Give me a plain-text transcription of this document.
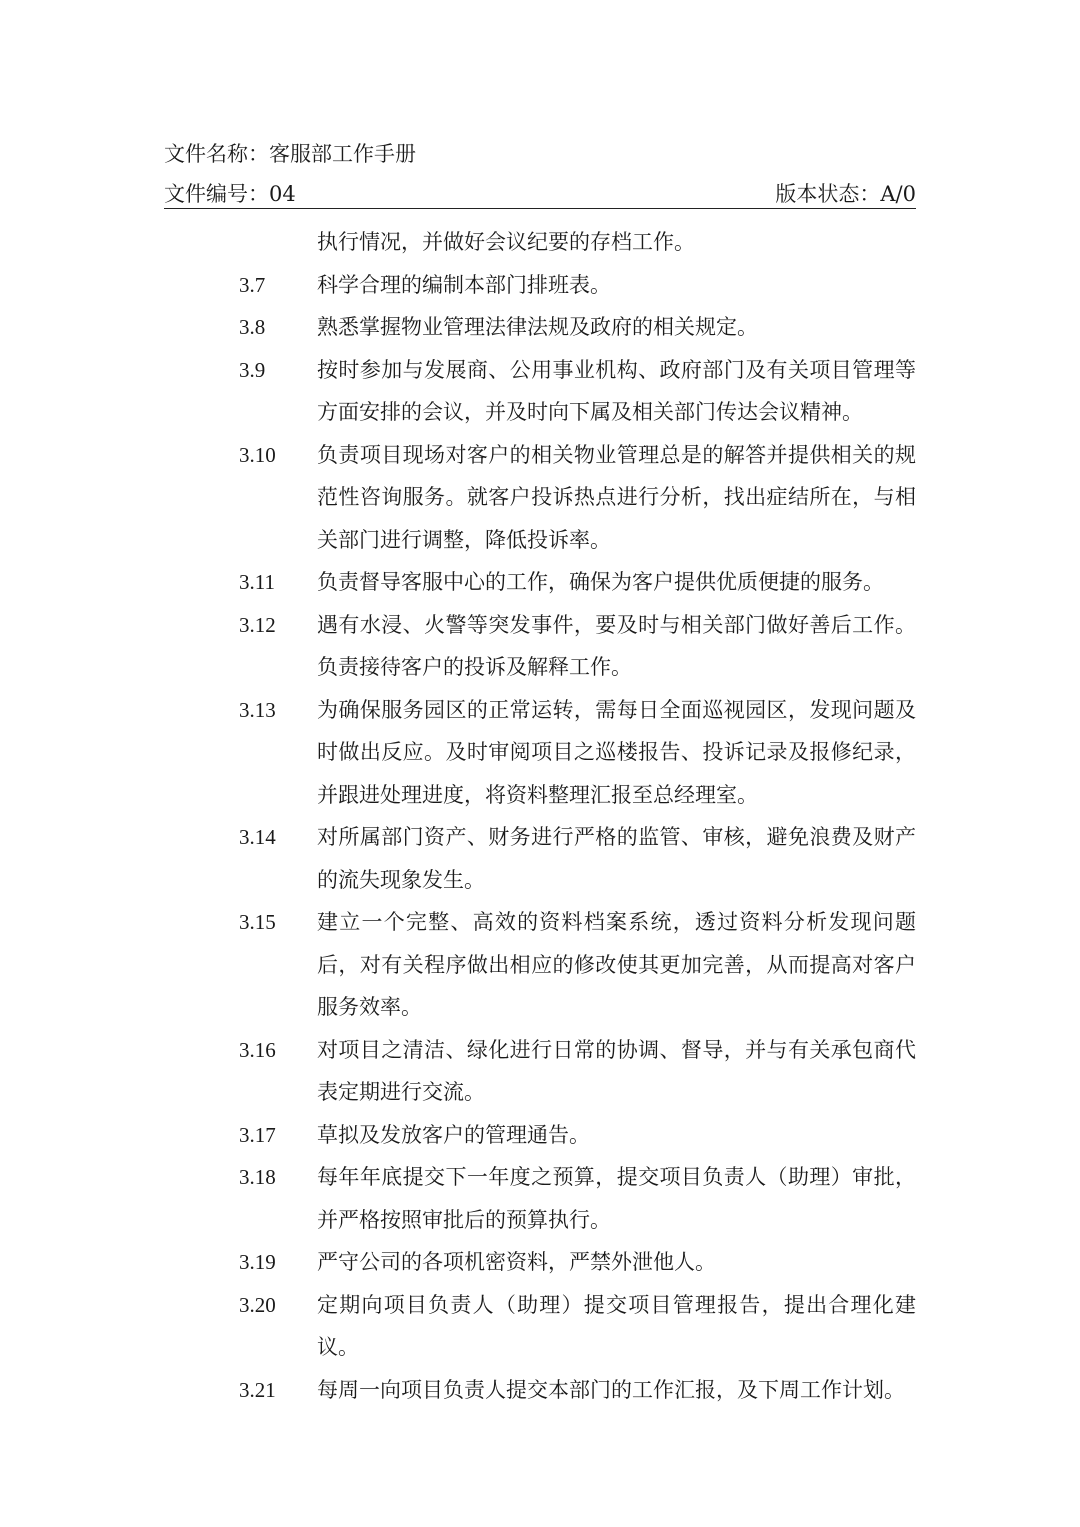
文件名称：客服部工作手册
文件编号：04	版本状态：A/0
执行情况，并做好会议纪要的存档工作。
3.7	科学合理的编制本部门排班表。
3.8	熟悉掌握物业管理法律法规及政府的相关规定。
3.9	按时参加与发展商、公用事业机构、政府部门及有关项目管理等方面安排的会议，并及时向下属及相关部门传达会议精神。
3.10	负责项目现场对客户的相关物业管理总是的解答并提供相关的规范性咨询服务。就客户投诉热点进行分析，找出症结所在，与相关部门进行调整，降低投诉率。
3.11	负责督导客服中心的工作，确保为客户提供优质便捷的服务。
3.12	遇有水浸、火警等突发事件，要及时与相关部门做好善后工作。负责接待客户的投诉及解释工作。
3.13	为确保服务园区的正常运转，需每日全面巡视园区，发现问题及时做出反应。及时审阅项目之巡楼报告、投诉记录及报修纪录，并跟进处理进度，将资料整理汇报至总经理室。
3.14	对所属部门资产、财务进行严格的监管、审核，避免浪费及财产的流失现象发生。
3.15	建立一个完整、高效的资料档案系统，透过资料分析发现问题后，对有关程序做出相应的修改使其更加完善，从而提高对客户服务效率。
3.16	对项目之清洁、绿化进行日常的协调、督导，并与有关承包商代表定期进行交流。
3.17	草拟及发放客户的管理通告。
3.18	每年年底提交下一年度之预算，提交项目负责人（助理）审批，并严格按照审批后的预算执行。
3.19	严守公司的各项机密资料，严禁外泄他人。
3.20	定期向项目负责人（助理）提交项目管理报告，提出合理化建议。
3.21	每周一向项目负责人提交本部门的工作汇报，及下周工作计划。
